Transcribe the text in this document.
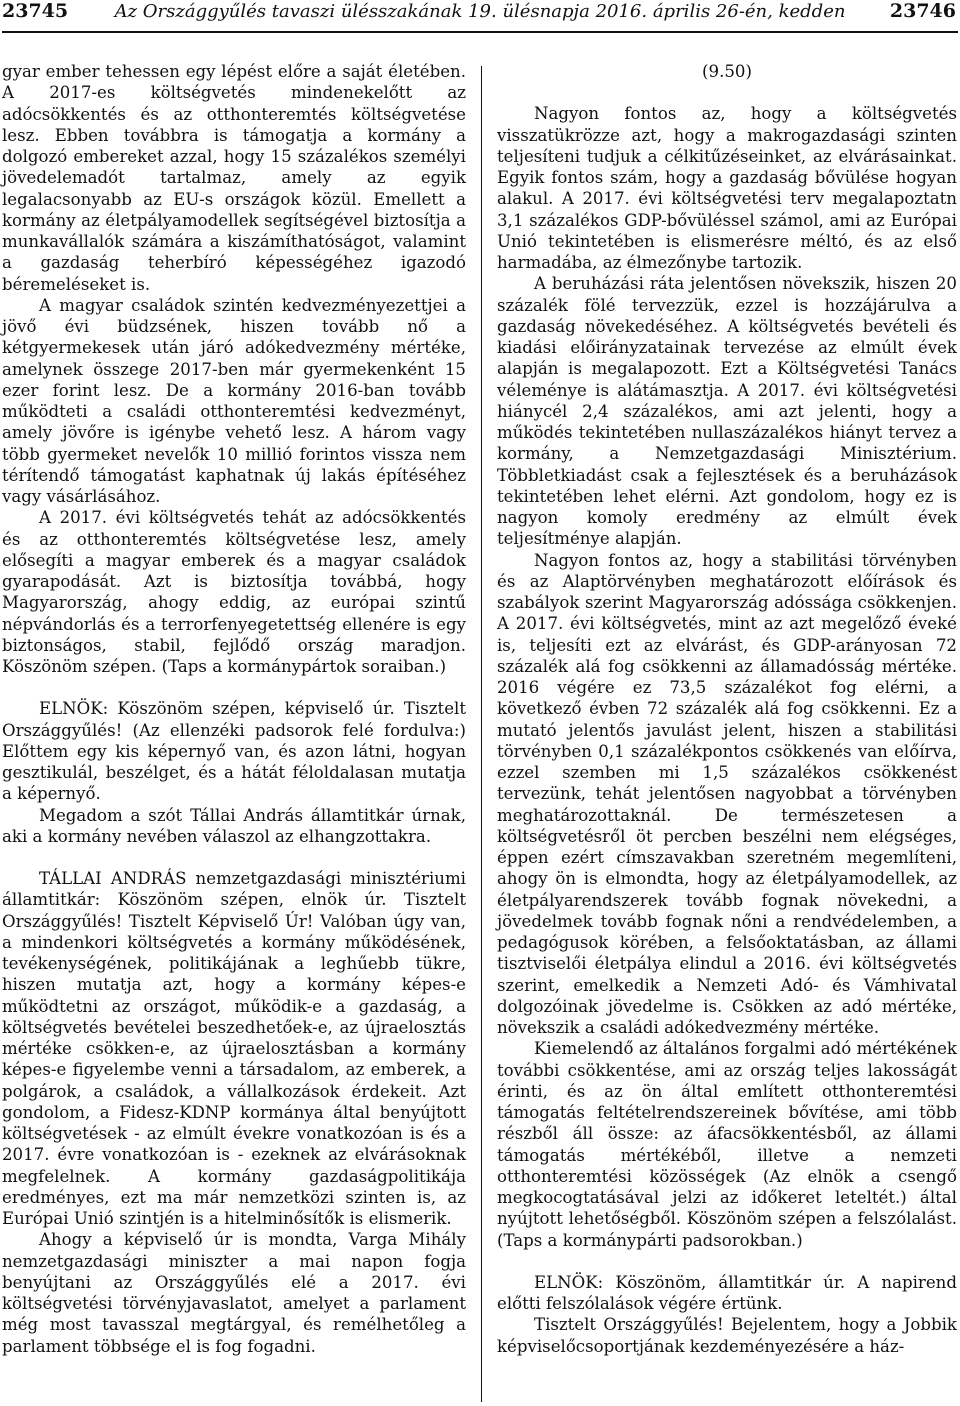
23745	Az Országgyűlés tavaszi ülésszakának 19. ülésnapja 2016. április 26-én, kedden	23746

gyar ember tehessen egy lépést előre a saját életében. A 2017-es költségvetés mindenekelőtt az adócsökkentés és az otthonteremtés költségvetése lesz. Ebben továbbra is támogatja a kormány a dolgozó embereket azzal, hogy 15 százalékos személyi jövedelemadót tartalmaz, amely az egyik legalacsonyabb az EU-s országok közül. Emellett a kormány az életpályamodellek segítségével biztosítja a munkavállalók számára a kiszámíthatóságot, valamint a gazdaság teherbíró képességéhez igazodó béremeléseket is.

A magyar családok szintén kedvezményezettjei a jövő évi büdzsének, hiszen tovább nő a kétgyermekesek után járó adókedvezmény mértéke, amelynek összege 2017-ben már gyermekenként 15 ezer forint lesz. De a kormány 2016-ban tovább működteti a családi otthonteremtési kedvezményt, amely jövőre is igénybe vehető lesz. A három vagy több gyermeket nevelők 10 millió forintos vissza nem térítendő támogatást kaphatnak új lakás építéséhez vagy vásárlásához.

A 2017. évi költségvetés tehát az adócsökkentés és az otthonteremtés költségvetése lesz, amely elősegíti a magyar emberek és a magyar családok gyarapodását. Azt is biztosítja továbbá, hogy Magyarország, ahogy eddig, az európai szintű népvándorlás és a terrorfenyegetettség ellenére is egy biztonságos, stabil, fejlődő ország maradjon. Köszönöm szépen. (Taps a kormánypártok soraiban.)

ELNÖK: Köszönöm szépen, képviselő úr. Tisztelt Országgyűlés! (Az ellenzéki padsorok felé fordulva:) Előttem egy kis képernyő van, és azon látni, hogyan gesztikulál, beszélget, és a hátát féloldalasan mutatja a képernyő.

Megadom a szót Tállai András államtitkár úrnak, aki a kormány nevében válaszol az elhangzottakra.

TÁLLAI ANDRÁS nemzetgazdasági minisztériumi államtitkár: Köszönöm szépen, elnök úr. Tisztelt Országgyűlés! Tisztelt Képviselő Úr! Valóban úgy van, a mindenkori költségvetés a kormány működésének, tevékenységének, politikájának a leghűebb tükre, hiszen mutatja azt, hogy a kormány képes-e működtetni az országot, működik-e a gazdaság, a költségvetés bevételei beszedhetőek-e, az újraelosztás mértéke csökken-e, az újraelosztásban a kormány képes-e figyelembe venni a társadalom, az emberek, a polgárok, a családok, a vállalkozások érdekeit. Azt gondolom, a Fidesz-KDNP kormánya által benyújtott költségvetések - az elmúlt évekre vonatkozóan is és a 2017. évre vonatkozóan is - ezeknek az elvárásoknak megfelelnek. A kormány gazdaságpolitikája eredményes, ezt ma már nemzetközi szinten is, az Európai Unió szintjén is a hitelminősítők is elismerik.

Ahogy a képviselő úr is mondta, Varga Mihály nemzetgazdasági miniszter a mai napon fogja benyújtani az Országgyűlés elé a 2017. évi költségvetési törvényjavaslatot, amelyet a parlament még most tavasszal megtárgyal, és remélhetőleg a parlament többsége el is fog fogadni.

(9.50)

Nagyon fontos az, hogy a költségvetés visszatükrözze azt, hogy a makrogazdasági szinten teljesíteni tudjuk a célkitűzéseinket, az elvárásainkat. Egyik fontos szám, hogy a gazdaság bővülése hogyan alakul. A 2017. évi költségvetési terv megalapoztatn 3,1 százalékos GDP-bővüléssel számol, ami az Európai Unió tekintetében is elismerésre méltó, és az első harmadába, az élmezőnybe tartozik.

A beruházási ráta jelentősen növekszik, hiszen 20 százalék fölé tervezzük, ezzel is hozzájárulva a gazdaság növekedéséhez. A költségvetés bevételi és kiadási előirányzatainak tervezése az elmúlt évek alapján is megalapozott. Ezt a Költségvetési Tanács véleménye is alátámasztja. A 2017. évi költségvetési hiánycél 2,4 százalékos, ami azt jelenti, hogy a működés tekintetében nullaszázalékos hiányt tervez a kormány, a Nemzetgazdasági Minisztérium. Többletkiadást csak a fejlesztések és a beruházások tekintetében lehet elérni. Azt gondolom, hogy ez is nagyon komoly eredmény az elmúlt évek teljesítménye alapján.

Nagyon fontos az, hogy a stabilitási törvényben és az Alaptörvényben meghatározott előírások és szabályok szerint Magyarország adóssága csökkenjen. A 2017. évi költségvetés, mint az azt megelőző éveké is, teljesíti ezt az elvárást, és GDP-arányosan 72 százalék alá fog csökkenni az államadósság mértéke. 2016 végére ez 73,5 százalékot fog elérni, a következő évben 72 százalék alá fog csökkenni. Ez a mutató jelentős javulást jelent, hiszen a stabilitási törvényben 0,1 százalékpontos csökkenés van előírva, ezzel szemben mi 1,5 százalékos csökkenést tervezünk, tehát jelentősen nagyobbat a törvényben meghatározottaknál. De természetesen a költségvetésről öt percben beszélni nem elégséges, éppen ezért címszavakban szeretném megemlíteni, ahogy ön is elmondta, hogy az életpályamodellek, az életpályarendszerek tovább fognak növekedni, a jövedelmek tovább fognak nőni a rendvédelemben, a pedagógusok körében, a felsőoktatásban, az állami tisztviselői életpálya elindul a 2016. évi költségvetés szerint, emelkedik a Nemzeti Adó- és Vámhivatal dolgozóinak jövedelme is. Csökken az adó mértéke, növekszik a családi adókedvezmény mértéke.

Kiemelendő az általános forgalmi adó mértékének további csökkentése, ami az ország teljes lakosságát érinti, és az ön által említett otthonteremtési támogatás feltételrendszereinek bővítése, ami több részből áll össze: az áfacsökkentésből, az állami támogatás mértékéből, illetve a nemzeti otthonteremtési közösségek (Az elnök a csengő megkocogtatásával jelzi az időkeret leteltét.) által nyújtott lehetőségből. Köszönöm szépen a felszólalást. (Taps a kormánypárti padsorokban.)

ELNÖK: Köszönöm, államtitkár úr. A napirend előtti felszólalások végére értünk.

Tisztelt Országgyűlés! Bejelentem, hogy a Jobbik képviselőcsoportjának kezdeményezésére a ház-
